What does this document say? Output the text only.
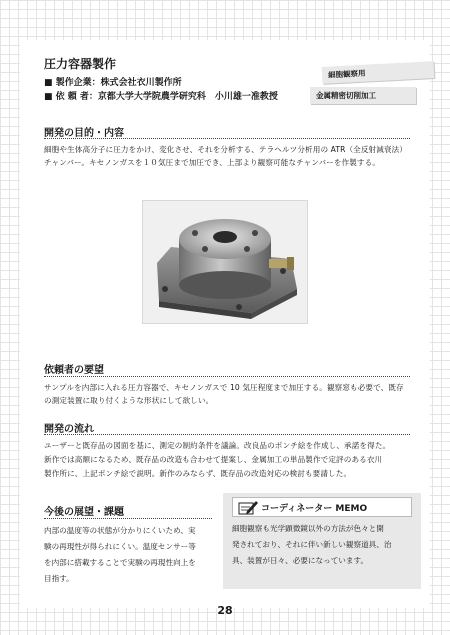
圧力容器製作
■ 製作企業：株式会社衣川製作所
■ 依 頼 者：京都大学大学院農学研究科　小川雄一准教授
細胞観察用
金属精密切削加工
開発の目的・内容
細胞や生体高分子に圧力をかけ、変化させ、それを分析する、テラヘルツ分析用の ATR（全反射減衰法）
チャンバー。キセノンガスを１０気圧まで加圧でき、上部より観察可能なチャンバーを作製する。
依頼者の要望
サンプルを内部に入れる圧力容器で、キセノンガスで 10 気圧程度まで加圧する。観察窓も必要で、既存
の測定装置に取り付くような形状にして欲しい。
開発の流れ
ユーザーと既存品の図面を基に、測定の制約条件を議論。改良品のポンチ絵を作成し、承諾を得た。
新作では高額になるため、既存品の改造も合わせて提案し、金属加工の単品製作で定評のある衣川
製作所に、上記ポンチ絵で説明。新作のみならず、既存品の改造対応の検討も要請した。
今後の展望・課題
内部の温度等の状態が分かりにくいため、実
験の再現性が得られにくい。温度センサー等
を内部に搭載することで実験の再現性向上を
目指す。
コーディネーター MEMO
細胞観察も光学顕微鏡以外の方法が色々と開
発されており、それに伴い新しい観察道具、治
具、装置が日々、必要になっています。
28
